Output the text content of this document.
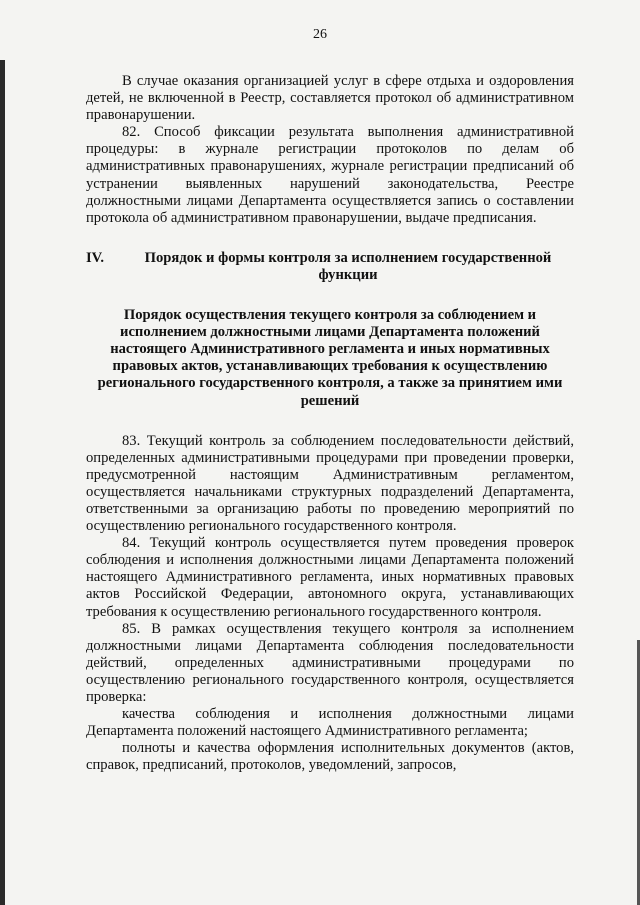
26

В случае оказания организацией услуг в сфере отдыха и оздоровления детей, не включенной в Реестр, составляется протокол об административном правонарушении.

82. Способ фиксации результата выполнения административной процедуры: в журнале регистрации протоколов по делам об административных правонарушениях, журнале регистрации предписаний об устранении выявленных нарушений законодательства, Реестре должностными лицами Департамента осуществляется запись о составлении протокола об административном правонарушении, выдаче предписания.

IV.	Порядок и формы контроля за исполнением государственной функции
Порядок осуществления текущего контроля за соблюдением и исполнением должностными лицами Департамента положений настоящего Административного регламента и иных нормативных правовых актов, устанавливающих требования к осуществлению регионального государственного контроля, а также за принятием ими решений

83. Текущий контроль за соблюдением последовательности действий, определенных административными процедурами при проведении проверки, предусмотренной настоящим Административным регламентом, осуществляется начальниками структурных подразделений Департамента, ответственными за организацию работы по проведению мероприятий по осуществлению регионального государственного контроля.

84. Текущий контроль осуществляется путем проведения проверок соблюдения и исполнения должностными лицами Департамента положений настоящего Административного регламента, иных нормативных правовых актов Российской Федерации, автономного округа, устанавливающих требования к осуществлению регионального государственного контроля.

85. В рамках осуществления текущего контроля за исполнением должностными лицами Департамента соблюдения последовательности действий, определенных административными процедурами по осуществлению регионального государственного контроля, осуществляется проверка:

качества соблюдения и исполнения должностными лицами Департамента положений настоящего Административного регламента;

полноты и качества оформления исполнительных документов (актов, справок, предписаний, протоколов, уведомлений, запросов,
